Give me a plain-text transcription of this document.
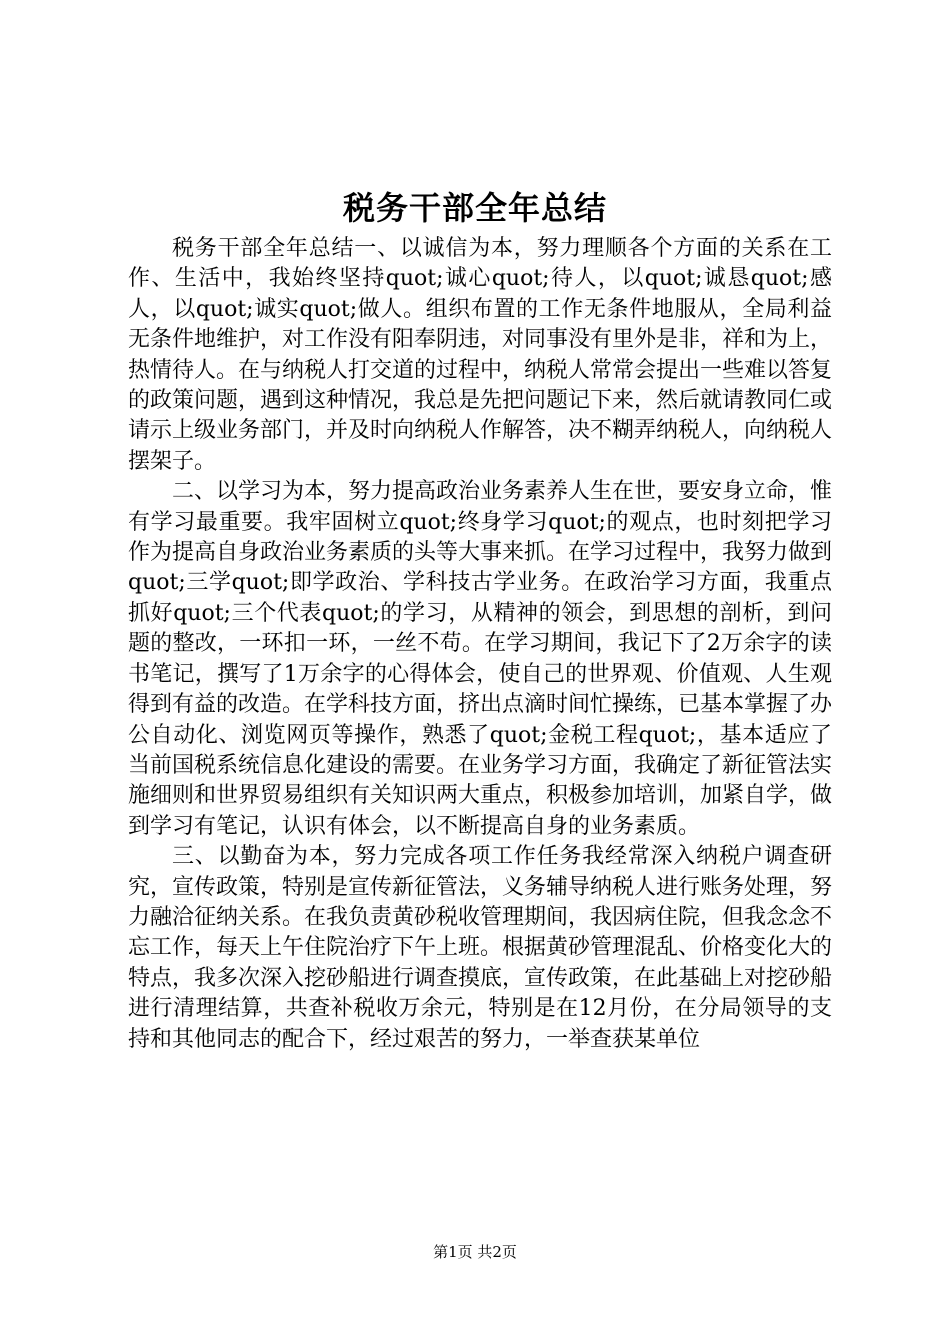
税务干部全年总结

税务干部全年总结一、以诚信为本，努力理顺各个方面的关系在工作、生活中，我始终坚持quot;诚心quot;待人，以quot;诚恳quot;感人，以quot;诚实quot;做人。组织布置的工作无条件地服从，全局利益无条件地维护，对工作没有阳奉阴违，对同事没有里外是非，祥和为上，热情待人。在与纳税人打交道的过程中，纳税人常常会提出一些难以答复的政策问题，遇到这种情况，我总是先把问题记下来，然后就请教同仁或请示上级业务部门，并及时向纳税人作解答，决不糊弄纳税人，向纳税人摆架子。

二、以学习为本，努力提高政治业务素养人生在世，要安身立命，惟有学习最重要。我牢固树立quot;终身学习quot;的观点，也时刻把学习作为提高自身政治业务素质的头等大事来抓。在学习过程中，我努力做到quot;三学quot;即学政治、学科技古学业务。在政治学习方面，我重点抓好quot;三个代表quot;的学习，从精神的领会，到思想的剖析，到问题的整改，一环扣一环，一丝不苟。在学习期间，我记下了2万余字的读书笔记，撰写了1万余字的心得体会，使自己的世界观、价值观、人生观得到有益的改造。在学科技方面，挤出点滴时间忙操练，已基本掌握了办公自动化、浏览网页等操作，熟悉了quot;金税工程quot;，基本适应了当前国税系统信息化建设的需要。在业务学习方面，我确定了新征管法实施细则和世界贸易组织有关知识两大重点，积极参加培训，加紧自学，做到学习有笔记，认识有体会，以不断提高自身的业务素质。

三、以勤奋为本，努力完成各项工作任务我经常深入纳税户调查研究，宣传政策，特别是宣传新征管法，义务辅导纳税人进行账务处理，努力融洽征纳关系。在我负责黄砂税收管理期间，我因病住院，但我念念不忘工作，每天上午住院治疗下午上班。根据黄砂管理混乱、价格变化大的特点，我多次深入挖砂船进行调查摸底，宣传政策，在此基础上对挖砂船进行清理结算，共查补税收万余元，特别是在12月份，在分局领导的支持和其他同志的配合下，经过艰苦的努力，一举查获某单位

第1页 共2页
